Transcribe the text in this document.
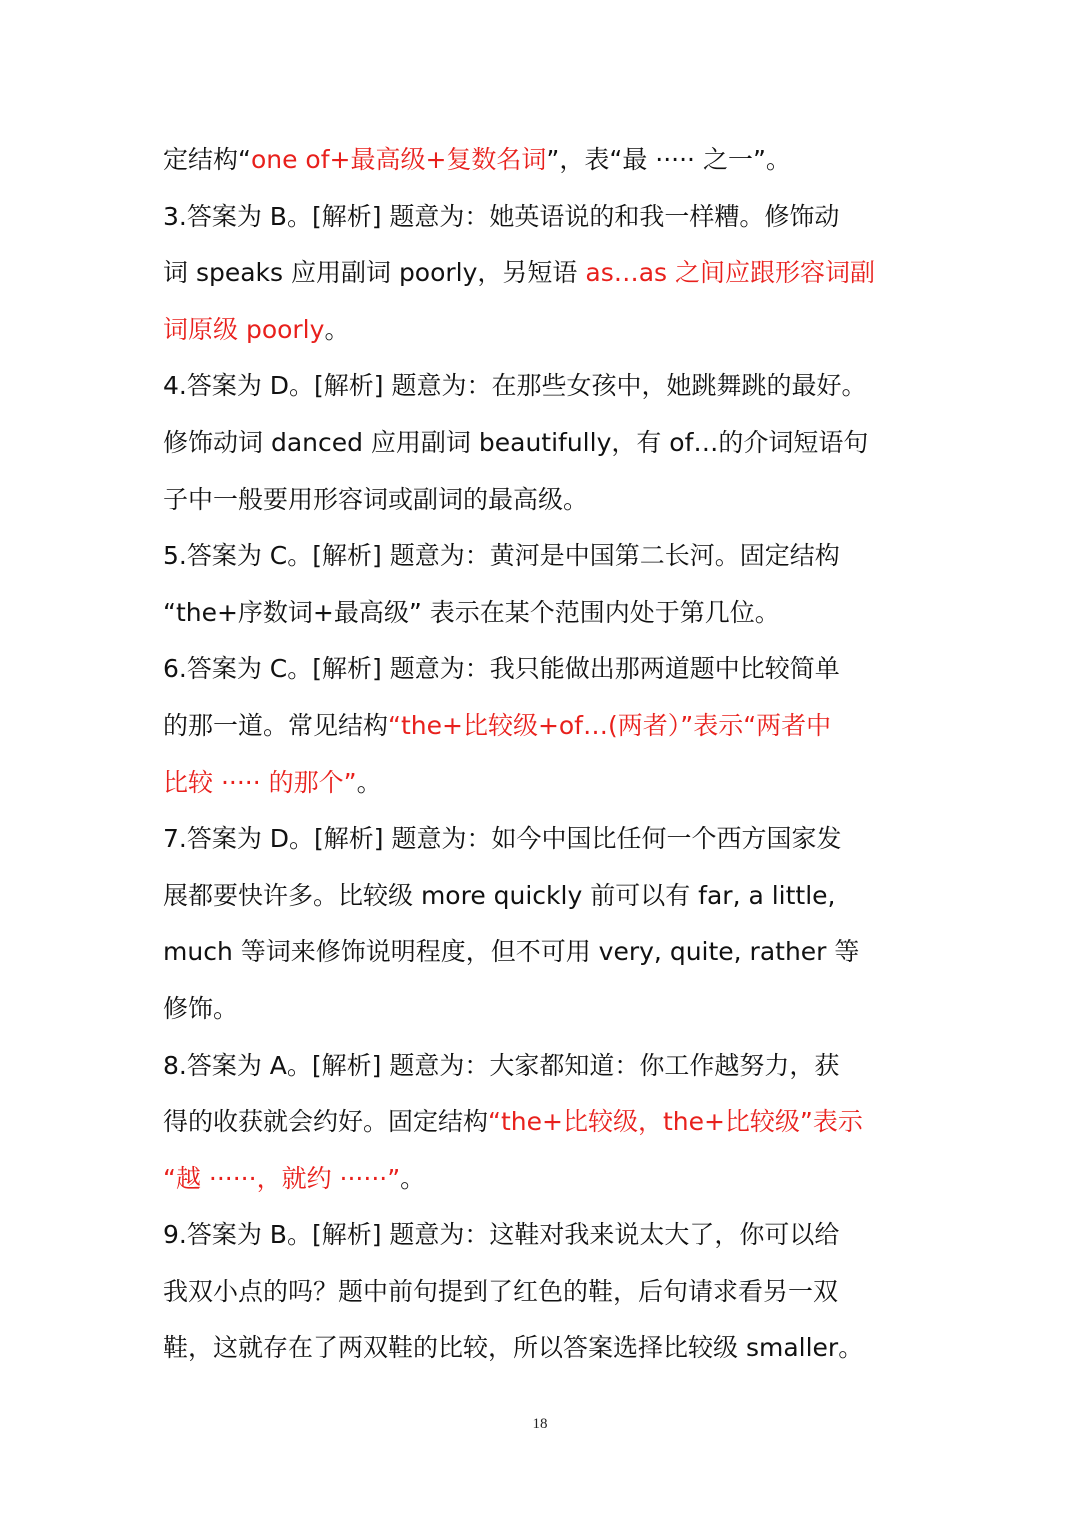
定结构“one of+最高级+复数名词”，表“最 ····· 之一”。
3.答案为 B。[解析] 题意为：她英语说的和我一样糟。修饰动
词 speaks 应用副词 poorly，另短语 as…as 之间应跟形容词副
词原级 poorly。
4.答案为 D。[解析] 题意为：在那些女孩中，她跳舞跳的最好。
修饰动词 danced 应用副词 beautifully，有 of…的介词短语句
子中一般要用形容词或副词的最高级。
5.答案为 C。[解析] 题意为：黄河是中国第二长河。固定结构
“the+序数词+最高级” 表示在某个范围内处于第几位。
6.答案为 C。[解析] 题意为：我只能做出那两道题中比较简单
的那一道。常见结构“the+比较级+of…(两者）”表示“两者中
比较 ····· 的那个”。
7.答案为 D。[解析] 题意为：如今中国比任何一个西方国家发
展都要快许多。比较级 more quickly 前可以有 far, a little,
much 等词来修饰说明程度，但不可用 very, quite, rather 等
修饰。
8.答案为 A。[解析] 题意为：大家都知道：你工作越努力，获
得的收获就会约好。固定结构“the+比较级，the+比较级”表示
“越 ······，就约 ······”。
9.答案为 B。[解析] 题意为：这鞋对我来说太大了，你可以给
我双小点的吗？题中前句提到了红色的鞋，后句请求看另一双
鞋，这就存在了两双鞋的比较，所以答案选择比较级 smaller。
18
